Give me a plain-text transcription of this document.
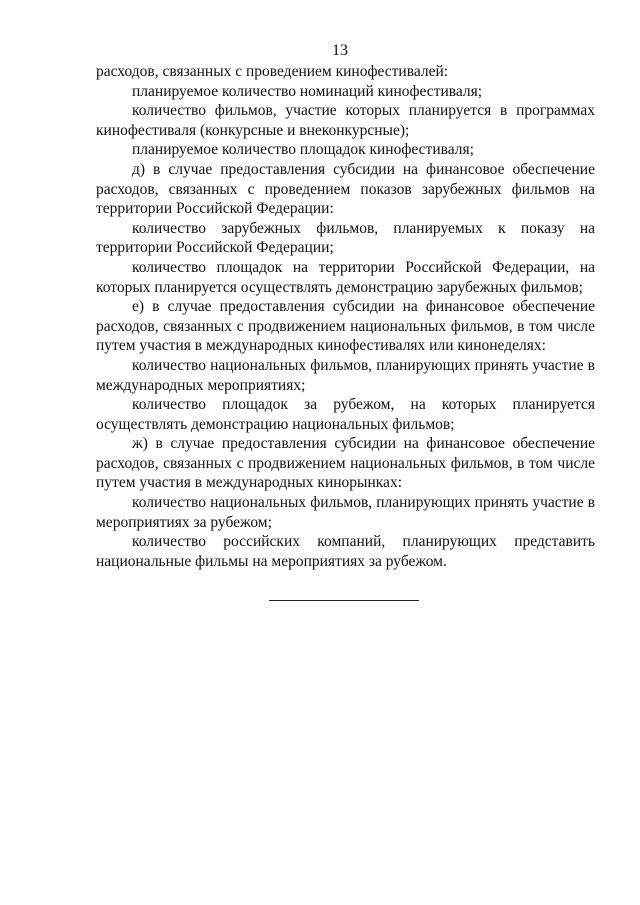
13

расходов, связанных с проведением кинофестивалей:

планируемое количество номинаций кинофестиваля;

количество фильмов, участие которых планируется в программах кинофестиваля (конкурсные и внеконкурсные);

планируемое количество площадок кинофестиваля;

д) в случае предоставления субсидии на финансовое обеспечение расходов, связанных с проведением показов зарубежных фильмов на территории Российской Федерации:

количество зарубежных фильмов, планируемых к показу на территории Российской Федерации;

количество площадок на территории Российской Федерации, на которых планируется осуществлять демонстрацию зарубежных фильмов;

е) в случае предоставления субсидии на финансовое обеспечение расходов, связанных с продвижением национальных фильмов, в том числе путем участия в международных кинофестивалях или кинонеделях:

количество национальных фильмов, планирующих принять участие в международных мероприятиях;

количество площадок за рубежом, на которых планируется осуществлять демонстрацию национальных фильмов;

ж) в случае предоставления субсидии на финансовое обеспечение расходов, связанных с продвижением национальных фильмов, в том числе путем участия в международных кинорынках:

количество национальных фильмов, планирующих принять участие в мероприятиях за рубежом;

количество российских компаний, планирующих представить национальные фильмы на мероприятиях за рубежом.
